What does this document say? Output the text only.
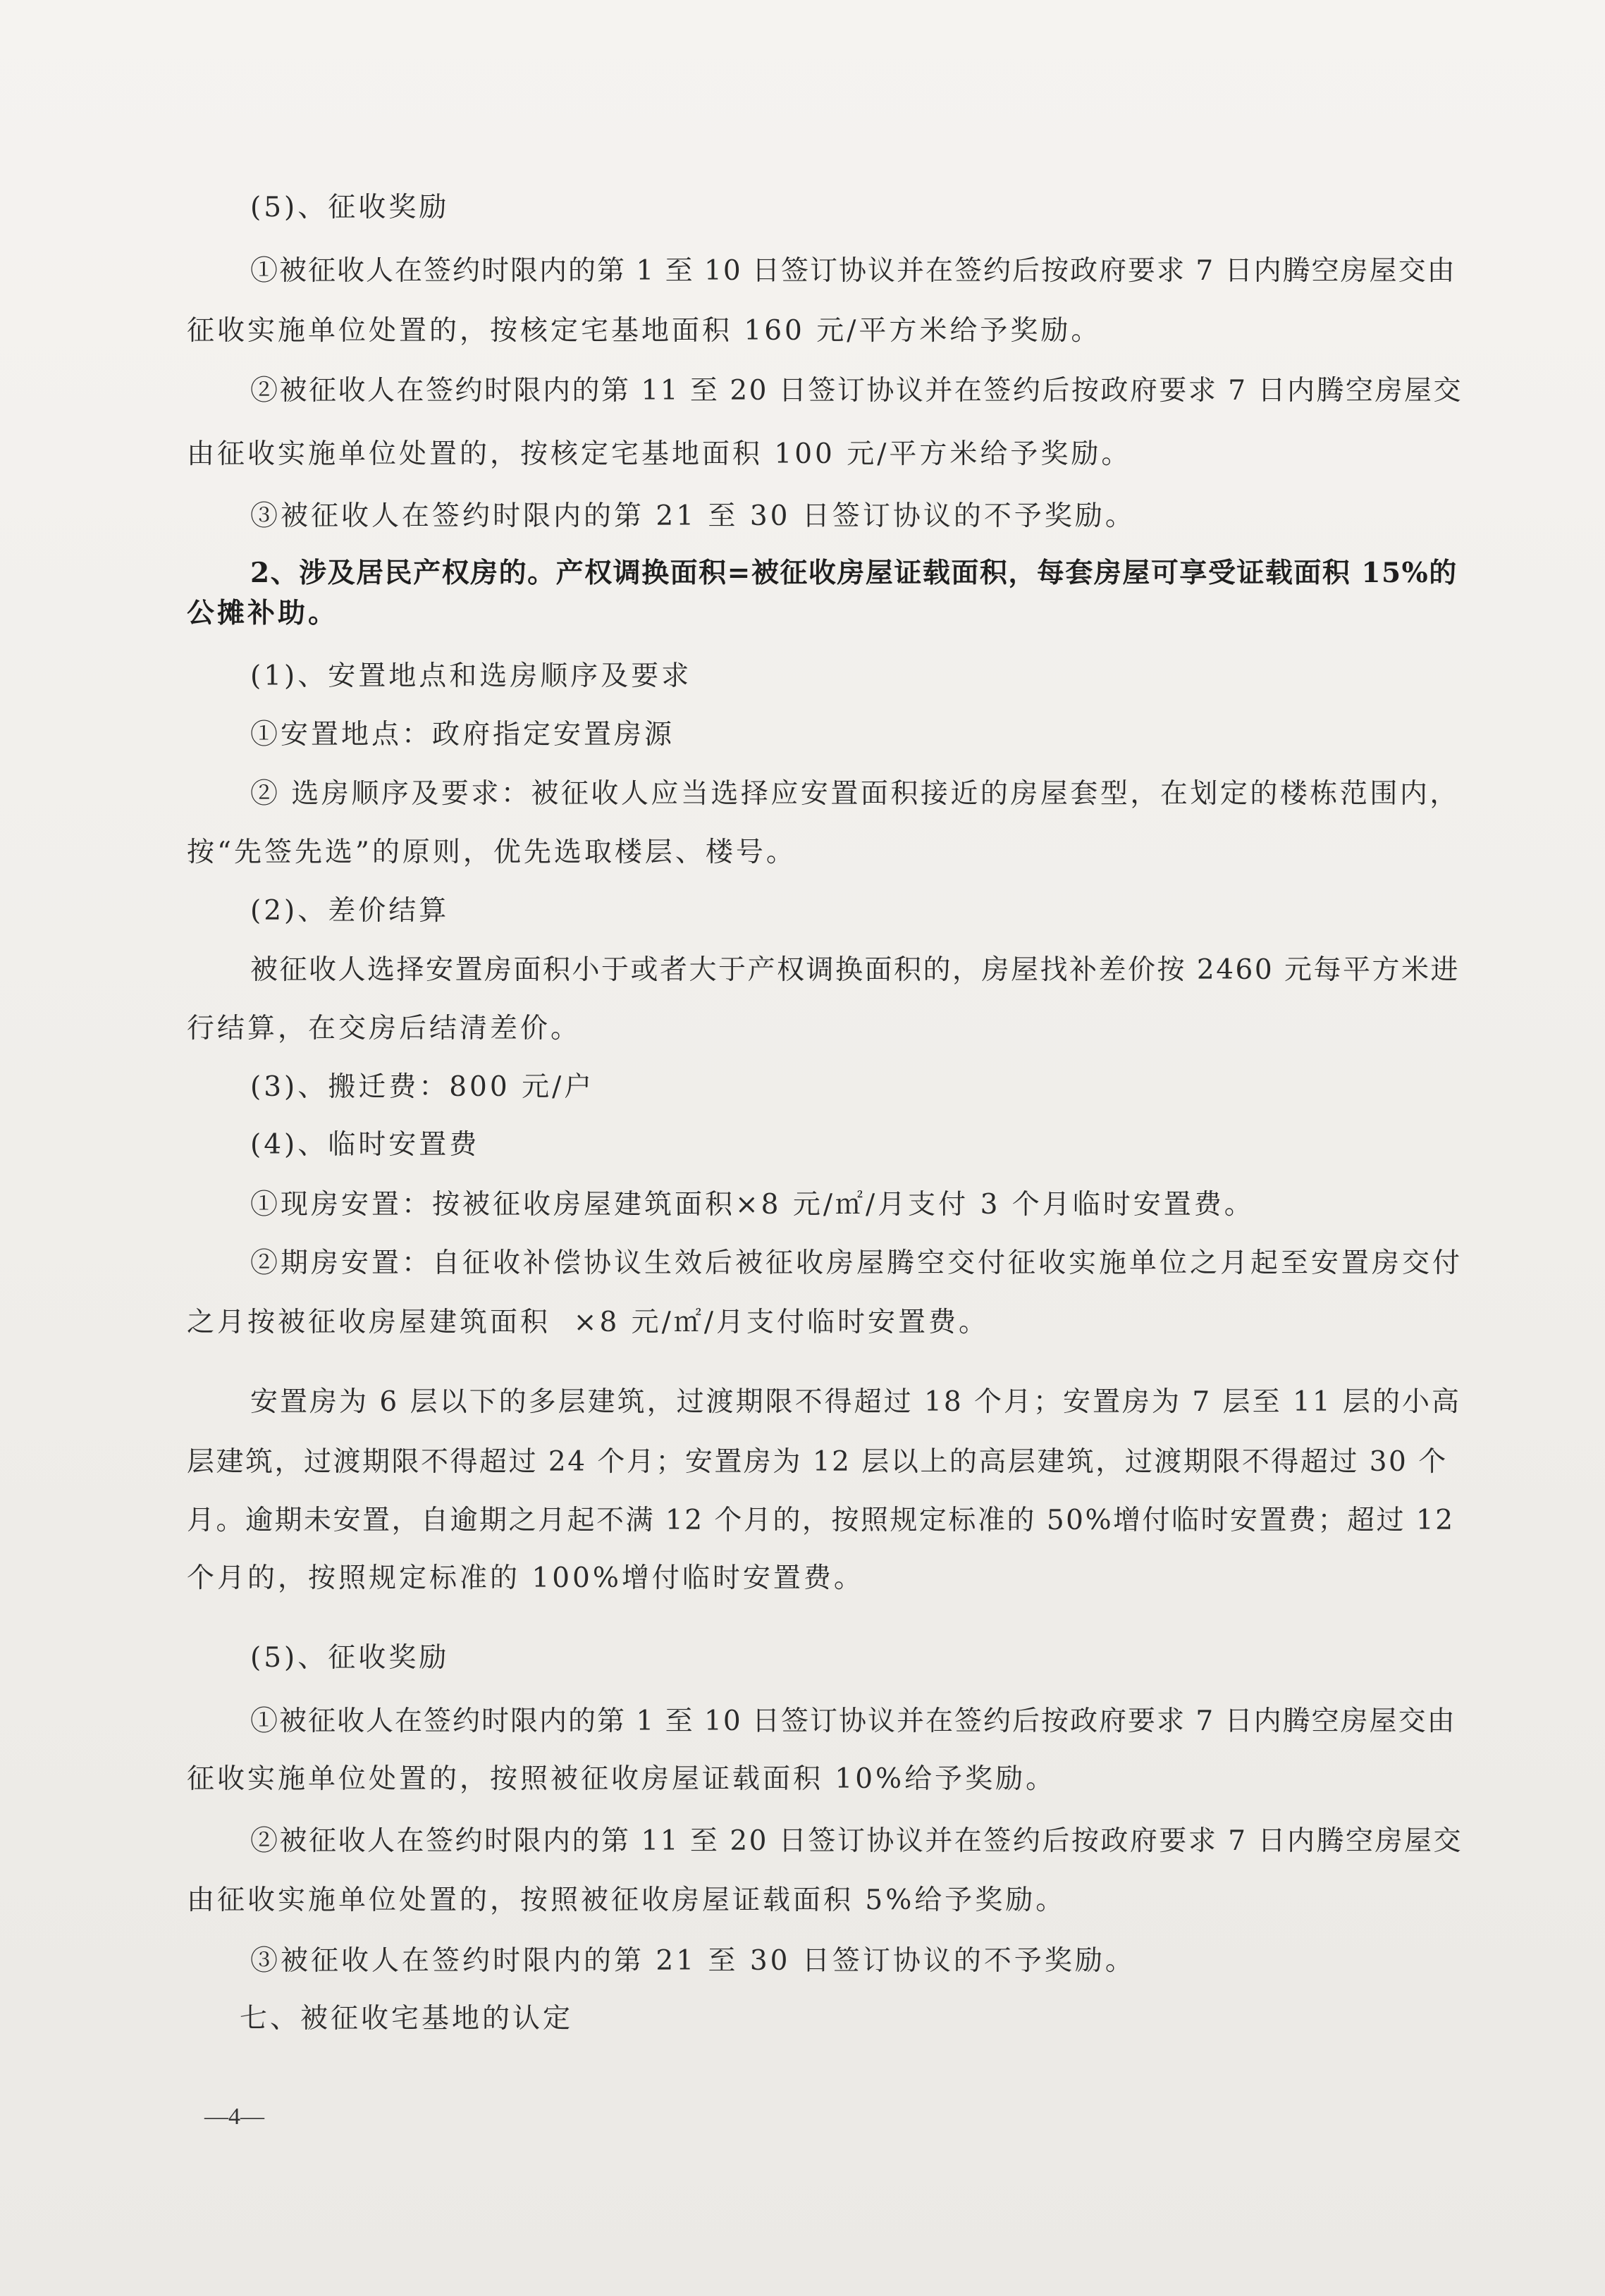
(5)、征收奖励
①被征收人在签约时限内的第 1 至 10 日签订协议并在签约后按政府要求 7 日内腾空房屋交由
征收实施单位处置的，按核定宅基地面积 160 元/平方米给予奖励。
②被征收人在签约时限内的第 11 至 20 日签订协议并在签约后按政府要求 7 日内腾空房屋交
由征收实施单位处置的，按核定宅基地面积 100 元/平方米给予奖励。
③被征收人在签约时限内的第 21 至 30 日签订协议的不予奖励。
2、涉及居民产权房的。产权调换面积=被征收房屋证载面积，每套房屋可享受证载面积 15%的
公摊补助。
(1)、安置地点和选房顺序及要求
①安置地点：政府指定安置房源
② 选房顺序及要求：被征收人应当选择应安置面积接近的房屋套型，在划定的楼栋范围内，
按“先签先选”的原则，优先选取楼层、楼号。
(2)、差价结算
被征收人选择安置房面积小于或者大于产权调换面积的，房屋找补差价按 2460 元每平方米进
行结算，在交房后结清差价。
(3)、搬迁费：800 元/户
(4)、临时安置费
①现房安置：按被征收房屋建筑面积×8 元/㎡/月支付 3 个月临时安置费。
②期房安置：自征收补偿协议生效后被征收房屋腾空交付征收实施单位之月起至安置房交付
之月按被征收房屋建筑面积  ×8 元/㎡/月支付临时安置费。
安置房为 6 层以下的多层建筑，过渡期限不得超过 18 个月；安置房为 7 层至 11 层的小高
层建筑，过渡期限不得超过 24 个月；安置房为 12 层以上的高层建筑，过渡期限不得超过 30 个
月。逾期未安置，自逾期之月起不满 12 个月的，按照规定标准的 50%增付临时安置费；超过 12
个月的，按照规定标准的 100%增付临时安置费。
(5)、征收奖励
①被征收人在签约时限内的第 1 至 10 日签订协议并在签约后按政府要求 7 日内腾空房屋交由
征收实施单位处置的，按照被征收房屋证载面积 10%给予奖励。
②被征收人在签约时限内的第 11 至 20 日签订协议并在签约后按政府要求 7 日内腾空房屋交
由征收实施单位处置的，按照被征收房屋证载面积 5%给予奖励。
③被征收人在签约时限内的第 21 至 30 日签订协议的不予奖励。
七、被征收宅基地的认定
—4—
